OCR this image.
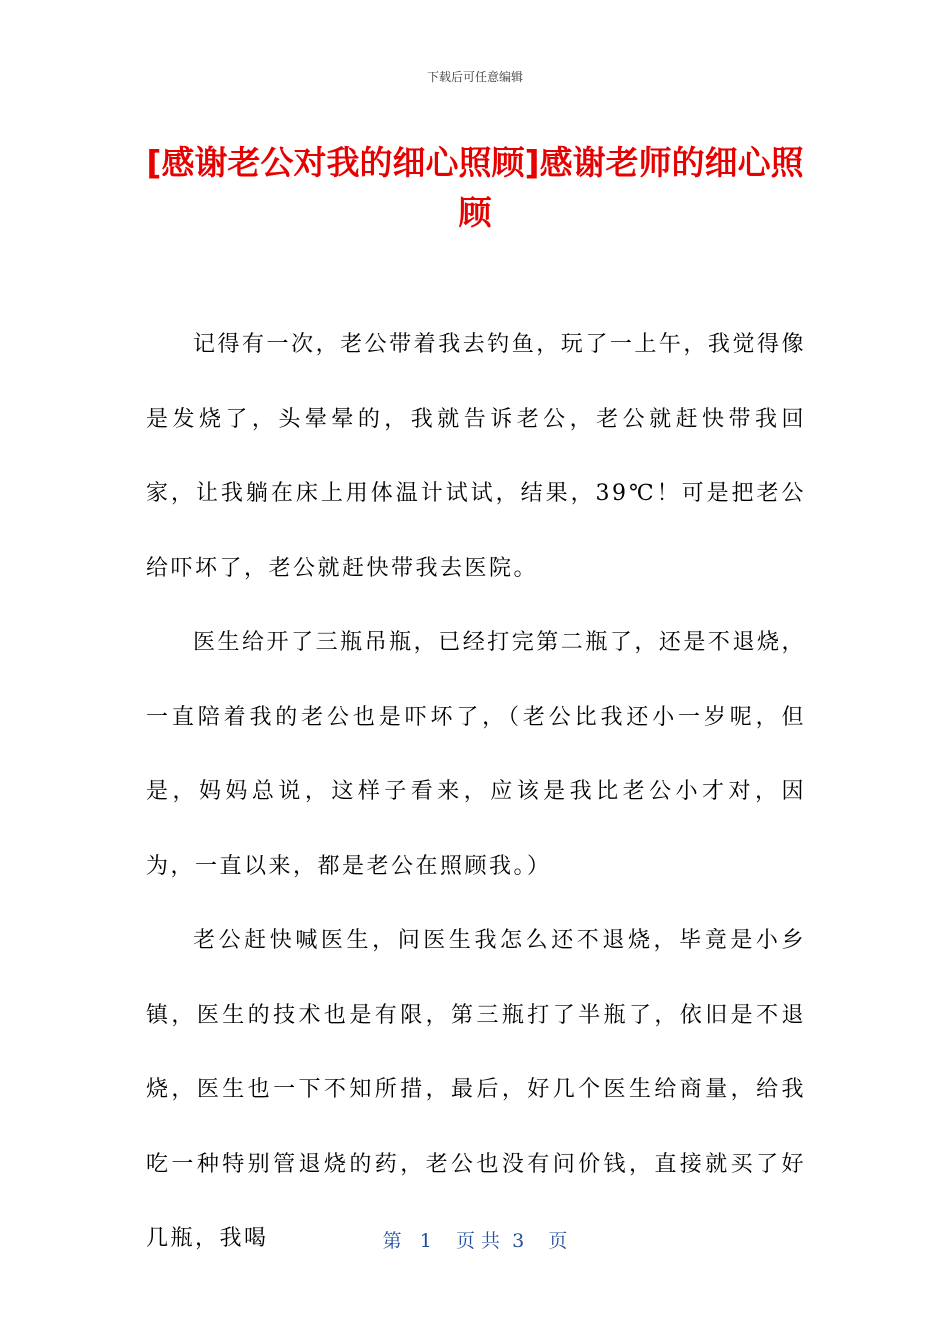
下载后可任意编辑
[感谢老公对我的细心照顾]感谢老师的细心照顾

记得有一次，老公带着我去钓鱼，玩了一上午，我觉得像是发烧了，头晕晕的，我就告诉老公，老公就赶快带我回家，让我躺在床上用体温计试试，结果，39℃！可是把老公给吓坏了，老公就赶快带我去医院。

医生给开了三瓶吊瓶，已经打完第二瓶了，还是不退烧，一直陪着我的老公也是吓坏了，（老公比我还小一岁呢，但是，妈妈总说，这样子看来，应该是我比老公小才对，因为，一直以来，都是老公在照顾我。）

老公赶快喊医生，问医生我怎么还不退烧，毕竟是小乡镇，医生的技术也是有限，第三瓶打了半瓶了，依旧是不退烧，医生也一下不知所措，最后，好几个医生给商量，给我吃一种特别管退烧的药，老公也没有问价钱，直接就买了好几瓶，我喝	第   1    页 共  3    页
